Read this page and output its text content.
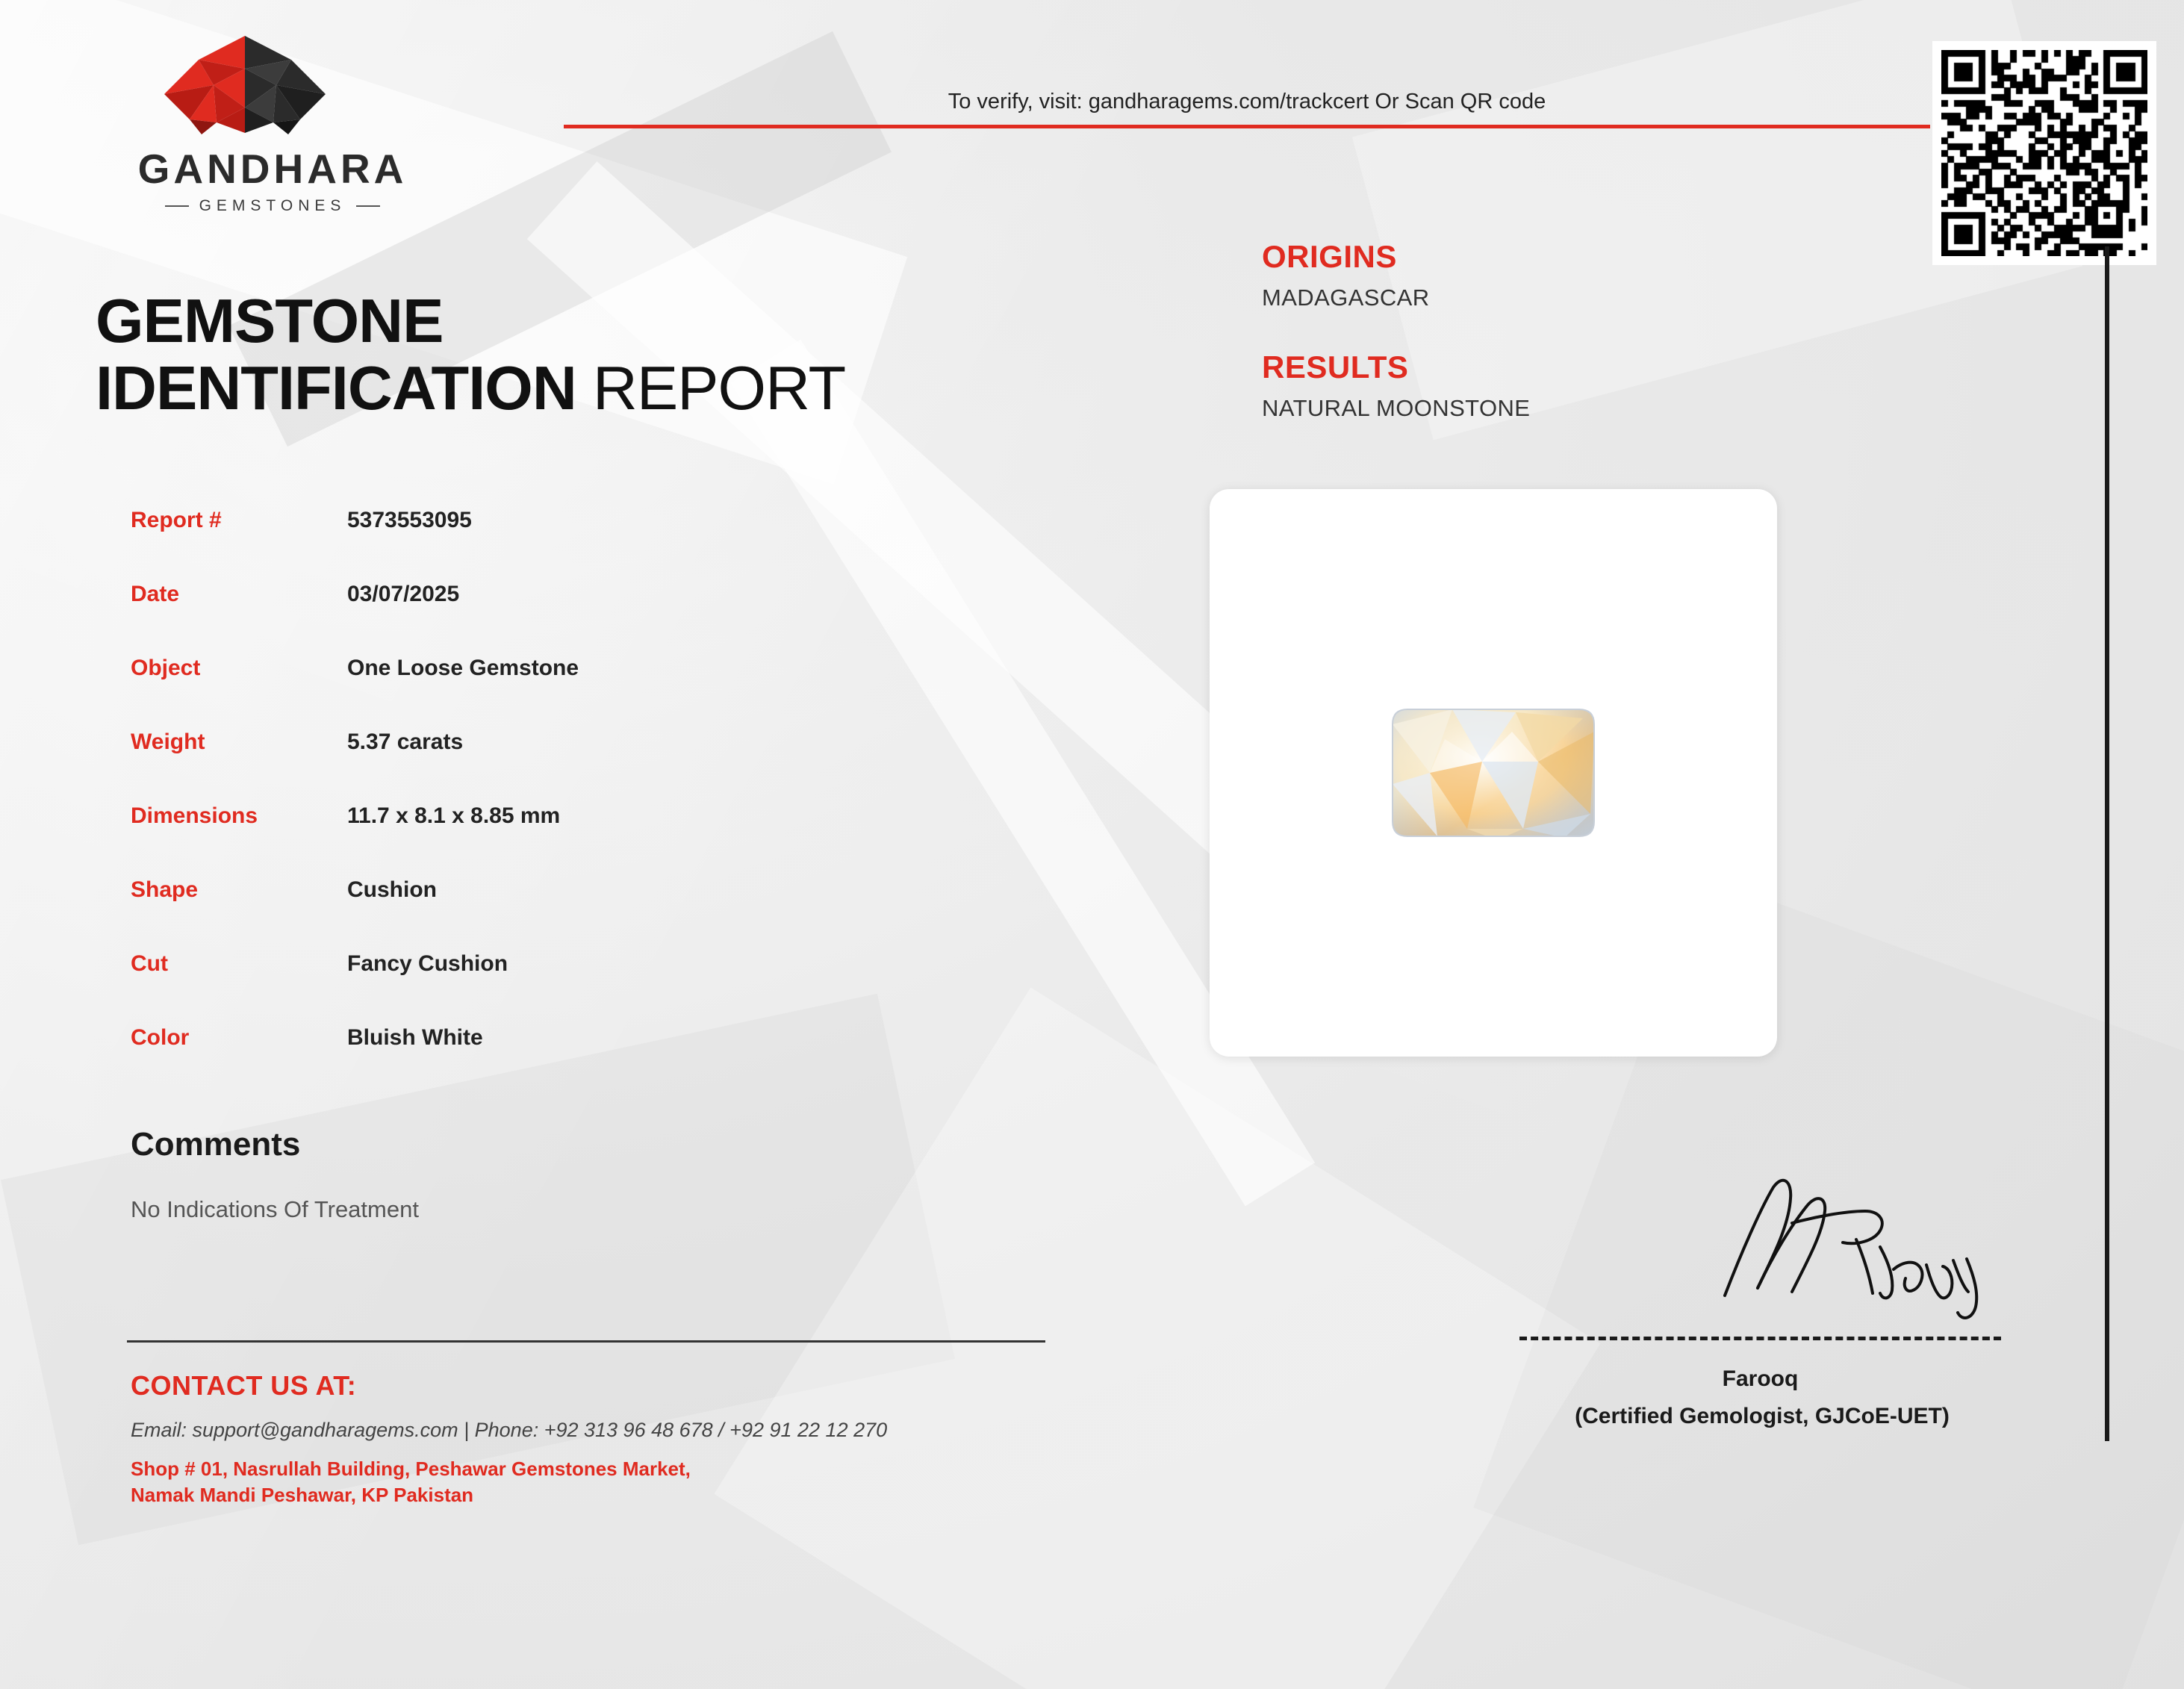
GANDHARA
GEMSTONES
To verify, visit: gandharagems.com/trackcert Or Scan QR code
GEMSTONE
IDENTIFICATION REPORT
ORIGINS
MADAGASCAR
RESULTS
NATURAL MOONSTONE
Report #	5373553095
Date	03/07/2025
Object	One Loose Gemstone
Weight	5.37 carats
Dimensions	11.7 x 8.1 x 8.85 mm
Shape	Cushion
Cut	Fancy Cushion
Color	Bluish White
Comments
No Indications Of Treatment
CONTACT US AT:
Email: support@gandharagems.com | Phone: +92 313 96 48 678 / +92 91 22 12 270
Shop # 01, Nasrullah Building, Peshawar Gemstones Market,
Namak Mandi Peshawar, KP Pakistan
Farooq
(Certified Gemologist, GJCoE-UET)
